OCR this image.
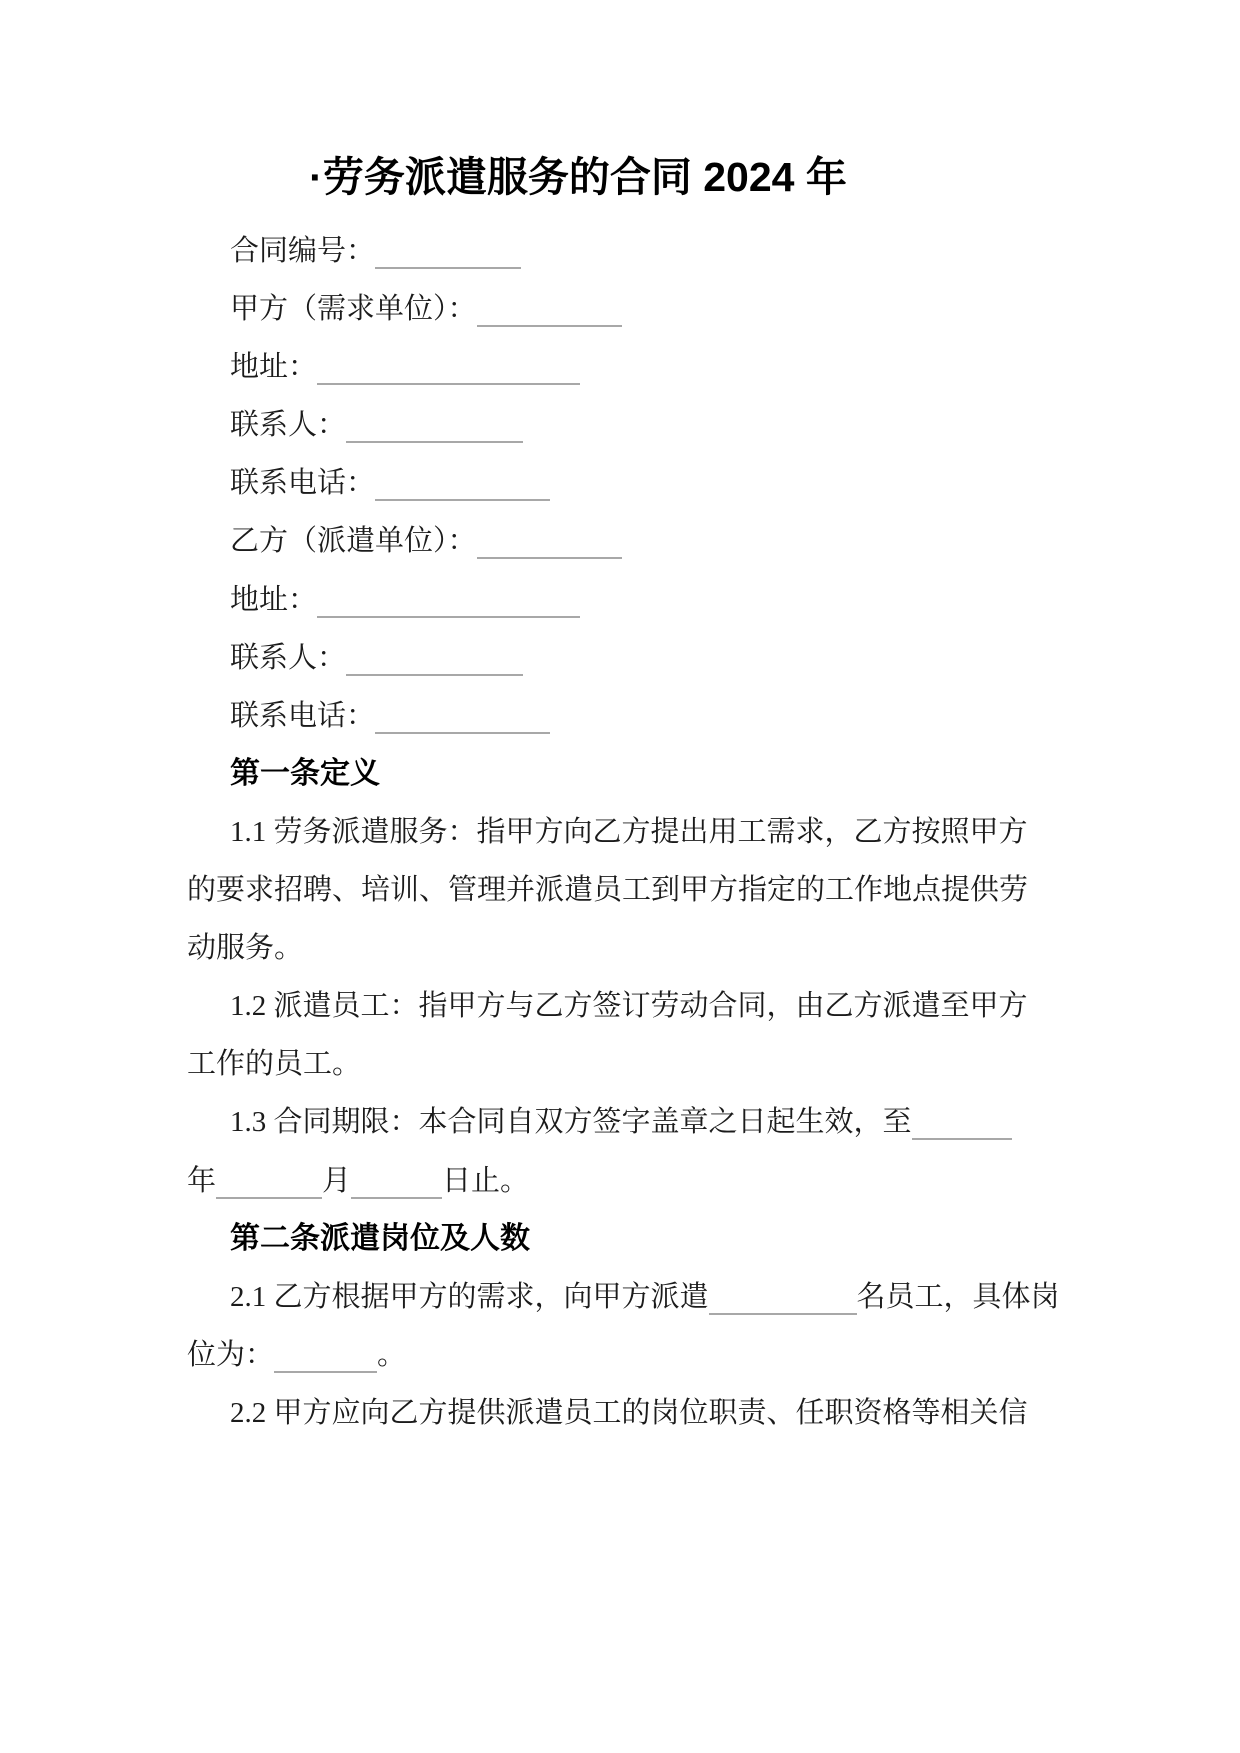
·劳务派遣服务的合同 2024 年
合同编号：
甲方（需求单位）：
地址：
联系人：
联系电话：
乙方（派遣单位）：
地址：
联系人：
联系电话：
第一条定义
1.1 劳务派遣服务：指甲方向乙方提出用工需求，乙方按照甲方
的要求招聘、培训、管理并派遣员工到甲方指定的工作地点提供劳
动服务。
1.2 派遣员工：指甲方与乙方签订劳动合同，由乙方派遣至甲方
工作的员工。
1.3 合同期限：本合同自双方签字盖章之日起生效，至
年	月	日止。
第二条派遣岗位及人数
2.1 乙方根据甲方的需求，向甲方派遣	名员工，具体岗
位为：	。
2.2 甲方应向乙方提供派遣员工的岗位职责、任职资格等相关信
